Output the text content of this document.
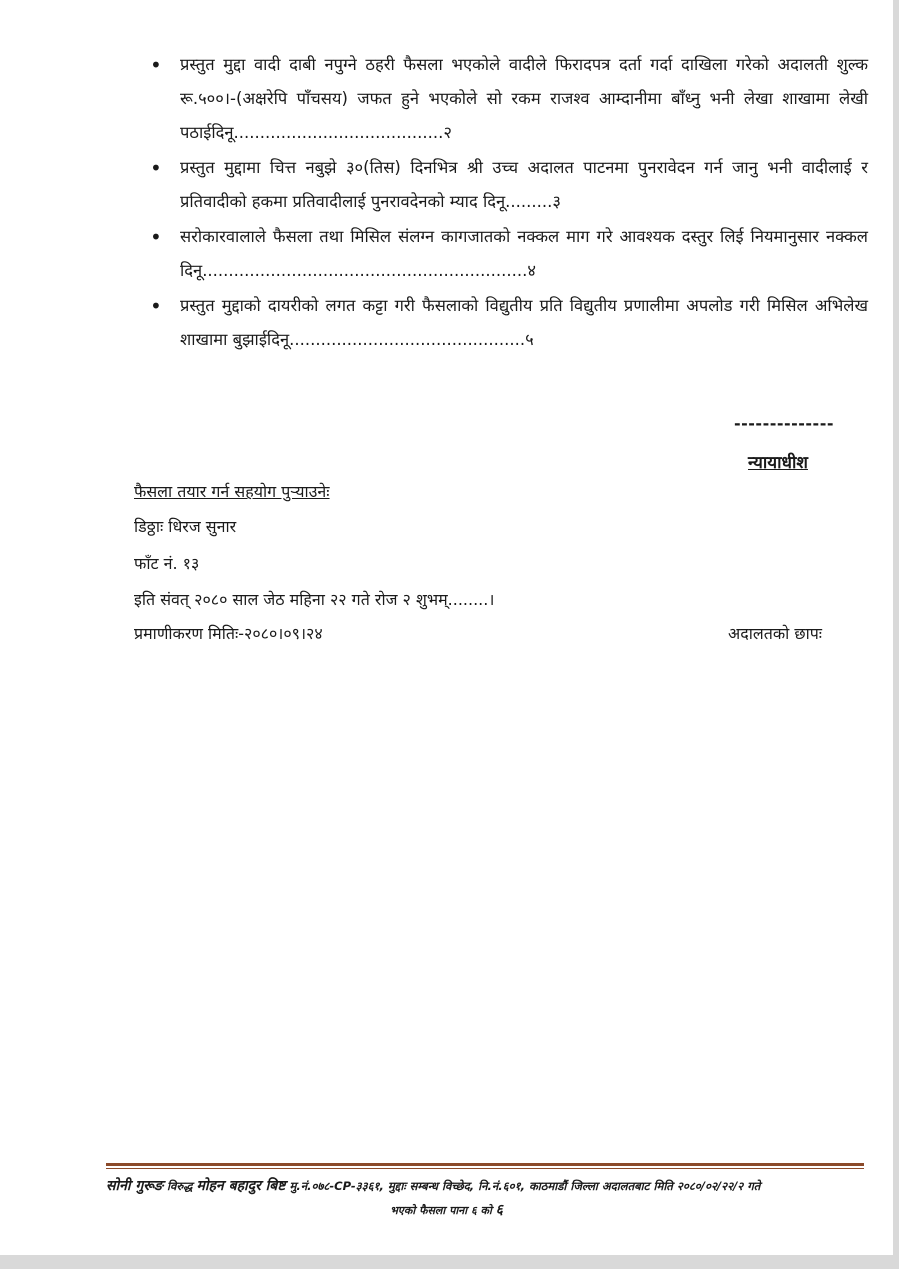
• प्रस्तुत मुद्दा वादी दाबी नपुग्ने ठहरी फैसला भएकोले वादीले फिरादपत्र दर्ता गर्दा दाखिला गरेको अदालती शुल्क रू.५००।-(अक्षरेपि पाँचसय) जफत हुने भएकोले सो रकम राजश्व आम्दानीमा बाँध्नु भनी लेखा शाखामा लेखी पठाईदिनू........................................२
• प्रस्तुत मुद्दामा चित्त नबुझे ३०(तिस) दिनभित्र श्री उच्च अदालत पाटनमा पुनरावेदन गर्न जानु भनी वादीलाई र प्रतिवादीको हकमा प्रतिवादीलाई पुनरावदेनको म्याद दिनू.........३
• सरोकारवालाले फैसला तथा मिसिल संलग्न कागजातको नक्कल माग गरे आवश्यक दस्तुर लिई नियमानुसार नक्कल दिनू..............................................................४
• प्रस्तुत मुद्दाको दायरीको लगत कट्टा गरी फैसलाको विद्युतीय प्रति विद्युतीय प्रणालीमा अपलोड गरी मिसिल अभिलेख शाखामा बुझाईदिनू.............................................५
--------------
न्यायाधीश
फैसला तयार गर्न सहयोग पुर्‍याउनेः
डिठ्ठाः धिरज सुनार
फाँट नं. १३
इति संवत् २०८० साल जेठ महिना २२ गते रोज २ शुभम्........।
प्रमाणीकरण मितिः-२०८०।०९।२४	अदालतको छापः
सोनी गुरूङ विरुद्ध मोहन बहादुर बिष्ट मु.नं.०७८-CP-३३६१, मुद्दाः सम्बन्ध विच्छेद, नि.नं.६०१, काठमाडौं जिल्ला अदालतबाट मिति २०८०/०२/२२/२ गते
भएको फैसला पाना ६ को ६
